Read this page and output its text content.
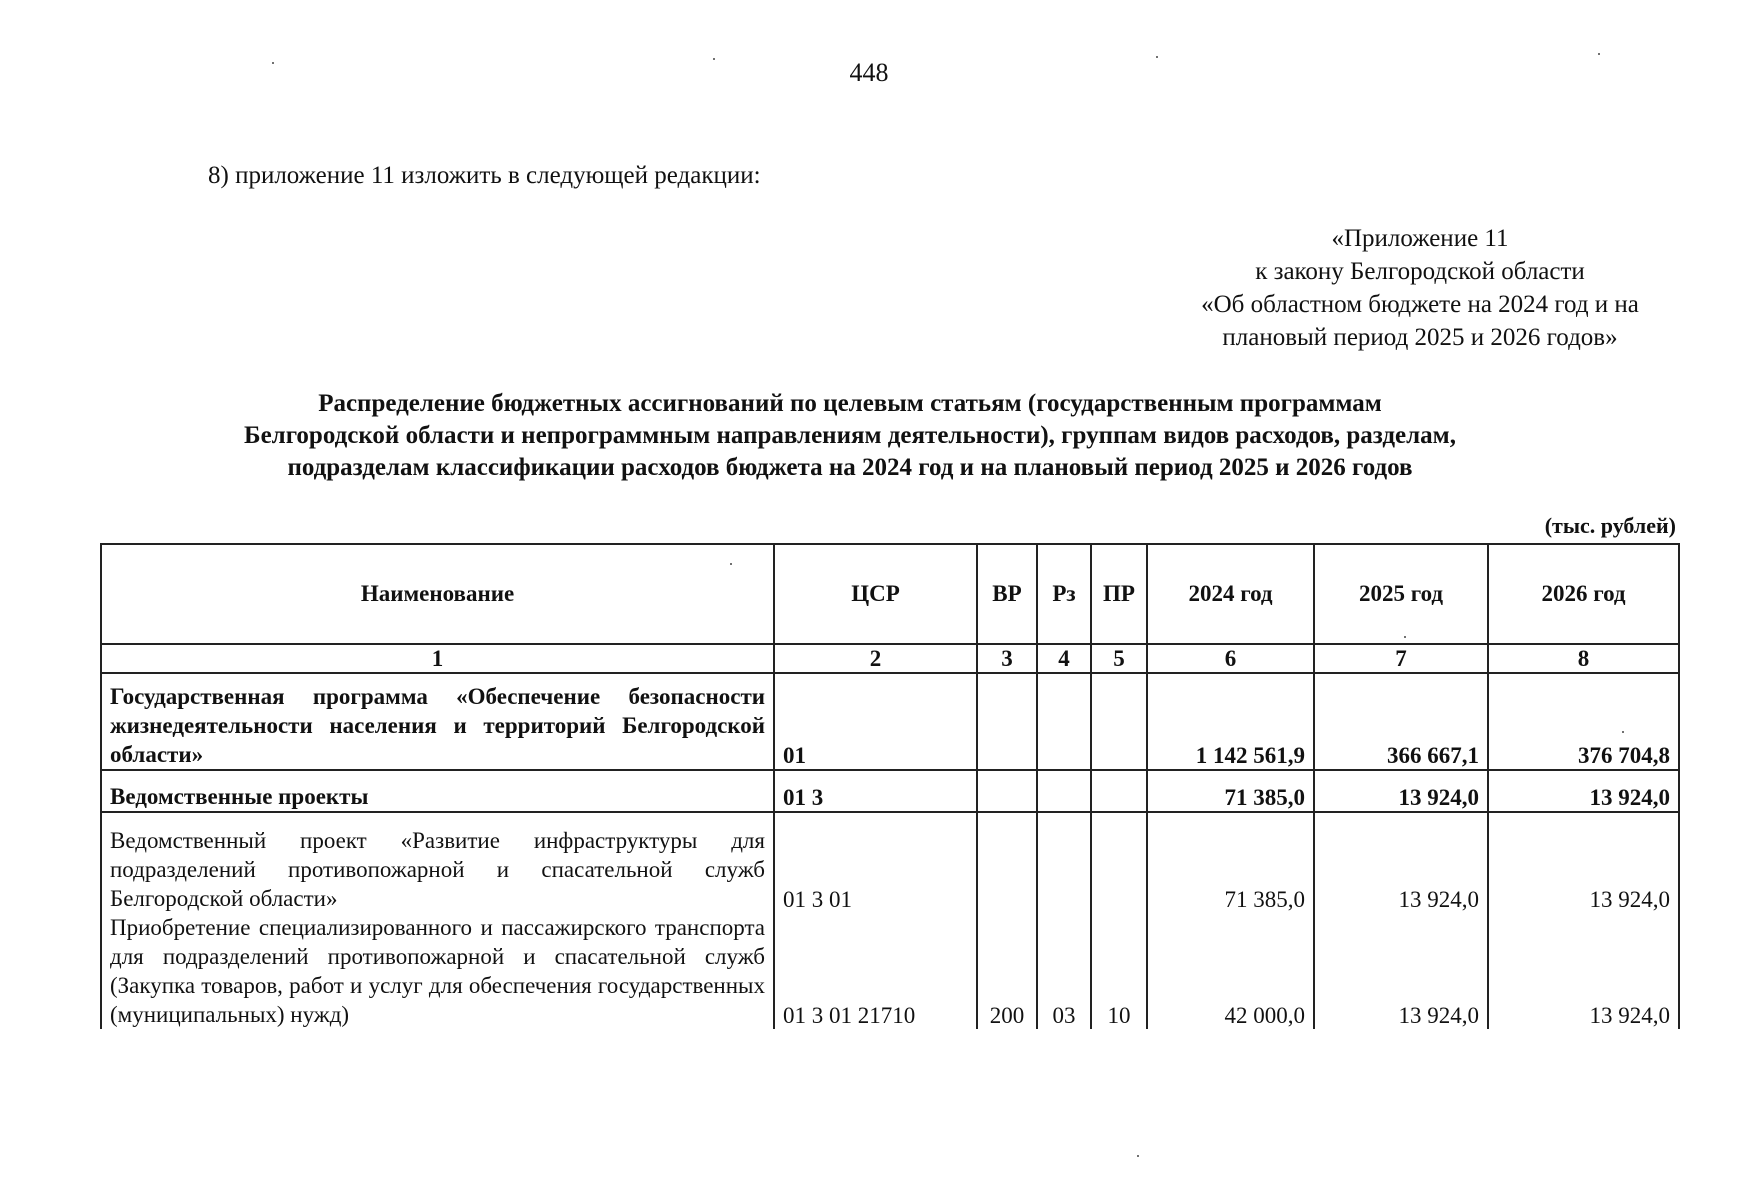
448
8) приложение 11 изложить в следующей редакции:
«Приложение 11
к закону Белгородской области
«Об областном бюджете на 2024 год и на
плановый период 2025 и 2026 годов»
Распределение бюджетных ассигнований по целевым статьям (государственным программам
Белгородской области и непрограммным направлениям деятельности), группам видов расходов, разделам,
подразделам классификации расходов бюджета на 2024 год и на плановый период 2025 и 2026 годов
(тыс. рублей)
Наименование	ЦСР	ВР	Рз	ПР	2024 год	2025 год	2026 год
1	2	3	4	5	6	7	8
Государственная программа «Обеспечение безопасности жизнедеятельности населения и территорий Белгородской области»	01				1 142 561,9	366 667,1	376 704,8
Ведомственные проекты	01 3				71 385,0	13 924,0	13 924,0
Ведомственный проект «Развитие инфраструктуры для подразделений противопожарной и спасательной служб Белгородской области»	01 3 01				71 385,0	13 924,0	13 924,0
Приобретение специализированного и пассажирского транспорта для подразделений противопожарной и спасательной служб (Закупка товаров, работ и услуг для обеспечения государственных (муниципальных) нужд)	01 3 01 21710	200	03	10	42 000,0	13 924,0	13 924,0
